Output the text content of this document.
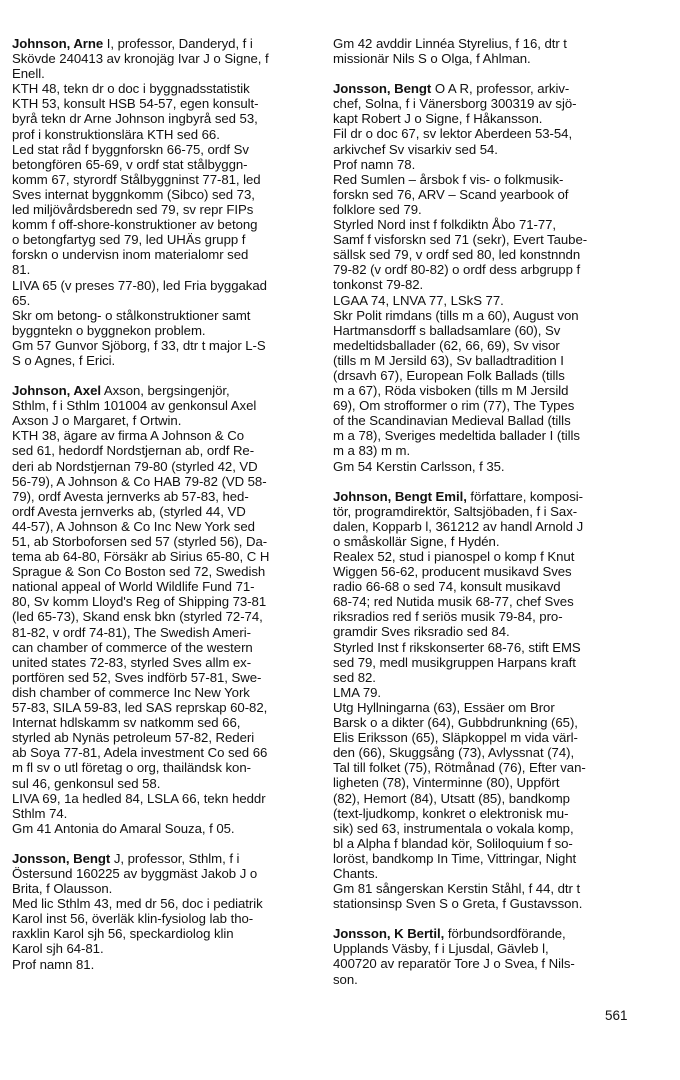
Johnson, Arne I, professor, Danderyd, f i
Skövde 240413 av kronojäg Ivar J o Signe, f
Enell.
KTH 48, tekn dr o doc i byggnadsstatistik
KTH 53, konsult HSB 54-57, egen konsult-
byrå tekn dr Arne Johnson ingbyrå sed 53,
prof i konstruktionslära KTH sed 66.
Led stat råd f byggnforskn 66-75, ordf Sv
betongfören 65-69, v ordf stat stålbyggn-
komm 67, styrordf Stålbyggninst 77-81, led
Sves internat byggnkomm (Sibco) sed 73,
led miljövårdsberedn sed 79, sv repr FIPs
komm f off-shore-konstruktioner av betong
o betongfartyg sed 79, led UHÄs grupp f
forskn o undervisn inom materialomr sed
81.
LIVA 65 (v preses 77-80), led Fria byggakad
65.
Skr om betong- o stålkonstruktioner samt
byggntekn o byggnekon problem.
Gm 57 Gunvor Sjöborg, f 33, dtr t major L-S
S o Agnes, f Erici.
Johnson, Axel Axson, bergsingenjör,
Sthlm, f i Sthlm 101004 av genkonsul Axel
Axson J o Margaret, f Ortwin.
KTH 38, ägare av firma A Johnson & Co
sed 61, hedordf Nordstjernan ab, ordf Re-
deri ab Nordstjernan 79-80 (styrled 42, VD
56-79), A Johnson & Co HAB 79-82 (VD 58-
79), ordf Avesta jernverks ab 57-83, hed-
ordf Avesta jernverks ab, (styrled 44, VD
44-57), A Johnson & Co Inc New York sed
51, ab Storboforsen sed 57 (styrled 56), Da-
tema ab 64-80, Försäkr ab Sirius 65-80, C H
Sprague & Son Co Boston sed 72, Swedish
national appeal of World Wildlife Fund 71-
80, Sv komm Lloyd's Reg of Shipping 73-81
(led 65-73), Skand ensk bkn (styrled 72-74,
81-82, v ordf 74-81), The Swedish Ameri-
can chamber of commerce of the western
united states 72-83, styrled Sves allm ex-
portfören sed 52, Sves indförb 57-81, Swe-
dish chamber of commerce Inc New York
57-83, SILA 59-83, led SAS reprskap 60-82,
Internat hdlskamm sv natkomm sed 66,
styrled ab Nynäs petroleum 57-82, Rederi
ab Soya 77-81, Adela investment Co sed 66
m fl sv o utl företag o org, thailändsk kon-
sul 46, genkonsul sed 58.
LIVA 69, 1a hedled 84, LSLA 66, tekn heddr
Sthlm 74.
Gm 41 Antonia do Amaral Souza, f 05.
Jonsson, Bengt J, professor, Sthlm, f i
Östersund 160225 av byggmäst Jakob J o
Brita, f Olausson.
Med lic Sthlm 43, med dr 56, doc i pediatrik
Karol inst 56, överläk klin-fysiolog lab tho-
raxklin Karol sjh 56, speckardiolog klin
Karol sjh 64-81.
Prof namn 81.
Gm 42 avddir Linnéa Styrelius, f 16, dtr t
missionär Nils S o Olga, f Ahlman.
Jonsson, Bengt O A R, professor, arkiv-
chef, Solna, f i Vänersborg 300319 av sjö-
kapt Robert J o Signe, f Håkansson.
Fil dr o doc 67, sv lektor Aberdeen 53-54,
arkivchef Sv visarkiv sed 54.
Prof namn 78.
Red Sumlen – årsbok f vis- o folkmusik-
forskn sed 76, ARV – Scand yearbook of
folklore sed 79.
Styrled Nord inst f folkdiktn Åbo 71-77,
Samf f visforskn sed 71 (sekr), Evert Taube-
sällsk sed 79, v ordf sed 80, led konstnndn
79-82 (v ordf 80-82) o ordf dess arbgrupp f
tonkonst 79-82.
LGAA 74, LNVA 77, LSkS 77.
Skr Polit rimdans (tills m a 60), August von
Hartmansdorff s balladsamlare (60), Sv
medeltidsballader (62, 66, 69), Sv visor
(tills m M Jersild 63), Sv balladtradition I
(drsavh 67), European Folk Ballads (tills
m a 67), Röda visboken (tills m M Jersild
69), Om strofformer o rim (77), The Types
of the Scandinavian Medieval Ballad (tills
m a 78), Sveriges medeltida ballader I (tills
m a 83) m m.
Gm 54 Kerstin Carlsson, f 35.
Johnson, Bengt Emil, författare, komposi-
tör, programdirektör, Saltsjöbaden, f i Sax-
dalen, Kopparb l, 361212 av handl Arnold J
o småskollär Signe, f Hydén.
Realex 52, stud i pianospel o komp f Knut
Wiggen 56-62, producent musikavd Sves
radio 66-68 o sed 74, konsult musikavd
68-74; red Nutida musik 68-77, chef Sves
riksradios red f seriös musik 79-84, pro-
gramdir Sves riksradio sed 84.
Styrled Inst f rikskonserter 68-76, stift EMS
sed 79, medl musikgruppen Harpans kraft
sed 82.
LMA 79.
Utg Hyllningarna (63), Essäer om Bror
Barsk o a dikter (64), Gubbdrunkning (65),
Elis Eriksson (65), Släpkoppel m vida värl-
den (66), Skuggsång (73), Avlyssnat (74),
Tal till folket (75), Rötmånad (76), Efter van-
ligheten (78), Vinterminne (80), Uppfört
(82), Hemort (84), Utsatt (85), bandkomp
(text-ljudkomp, konkret o elektronisk mu-
sik) sed 63, instrumentala o vokala komp,
bl a Alpha f blandad kör, Soliloquium f so-
loröst, bandkomp In Time, Vittringar, Night
Chants.
Gm 81 sångerskan Kerstin Ståhl, f 44, dtr t
stationsinsp Sven S o Greta, f Gustavsson.
Jonsson, K Bertil, förbundsordförande,
Upplands Väsby, f i Ljusdal, Gävleb l,
400720 av reparatör Tore J o Svea, f Nils-
son.
561
